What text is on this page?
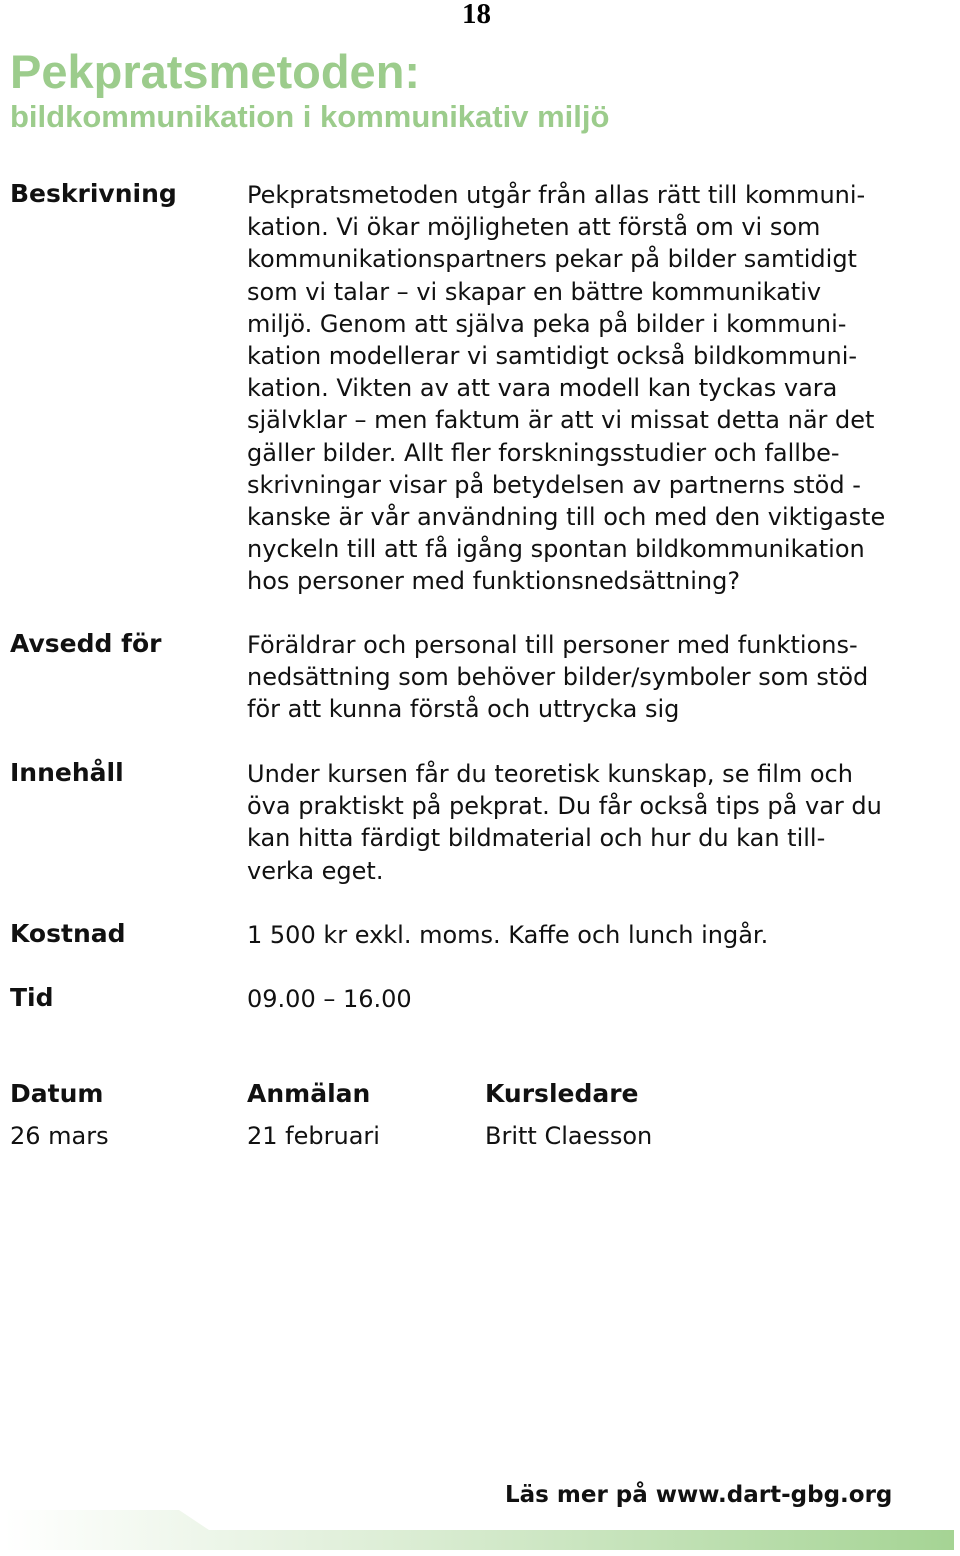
18
Pekpratsmetoden:
bildkommunikation i kommunikativ miljö
Beskrivning	Pekpratsmetoden utgår från allas rätt till kommuni-
kation. Vi ökar möjligheten att förstå om vi som
kommunikationspartners pekar på bilder samtidigt
som vi talar – vi skapar en bättre kommunikativ
miljö. Genom att själva peka på bilder i kommuni-
kation modellerar vi samtidigt också bildkommuni-
kation. Vikten av att vara modell kan tyckas vara
självklar – men faktum är att vi missat detta när det
gäller bilder. Allt fler forskningsstudier och fallbe-
skrivningar visar på betydelsen av partnerns stöd -
kanske är vår användning till och med den viktigaste
nyckeln till att få igång spontan bildkommunikation
hos personer med funktionsnedsättning?
Avsedd för	Föräldrar och personal till personer med funktions-
nedsättning som behöver bilder/symboler som stöd
för att kunna förstå och uttrycka sig
Innehåll	Under kursen får du teoretisk kunskap, se film och
öva praktiskt på pekprat. Du får också tips på var du
kan hitta färdigt bildmaterial och hur du kan till-
verka eget.
Kostnad	1 500 kr exkl. moms. Kaffe och lunch ingår.
Tid	09.00 – 16.00
Datum	Anmälan	Kursledare
26 mars	21 februari	Britt Claesson
Läs mer på www.dart-gbg.org
